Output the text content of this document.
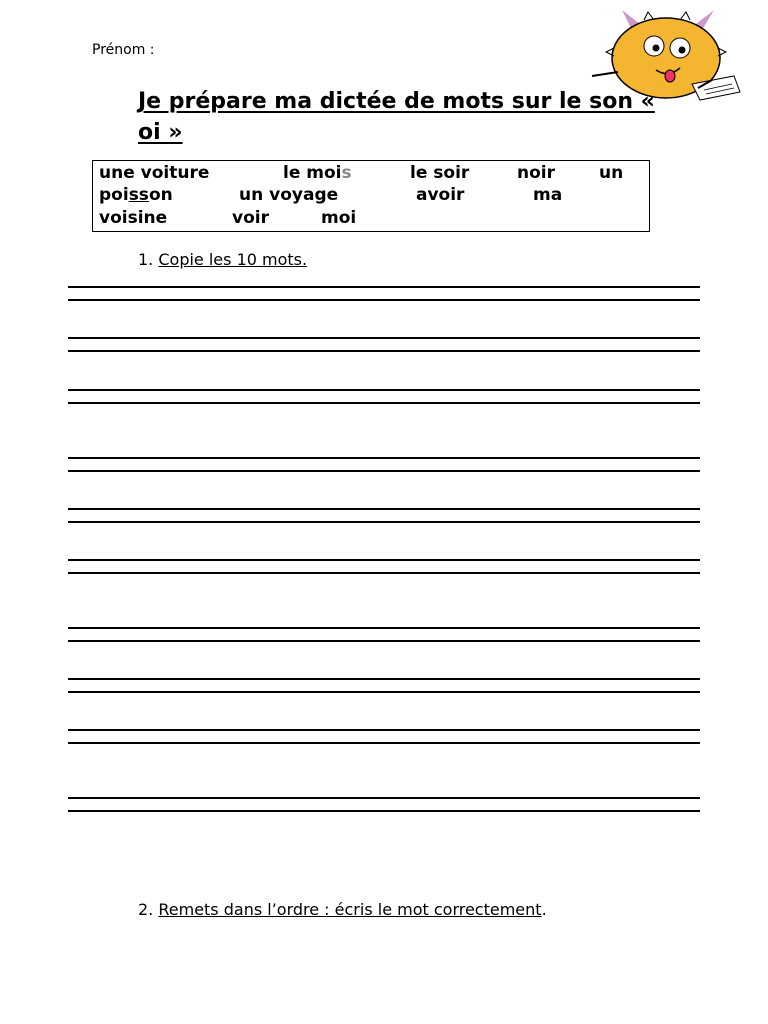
Prénom :
Je prépare ma dictée de mots sur le son « oi »
une voiture	le mois	le soir	noir	un
poisson	un voyage	avoir	ma
voisine	voir	moi
1. Copie les 10 mots.
2. Remets dans l’ordre : écris le mot correctement.
